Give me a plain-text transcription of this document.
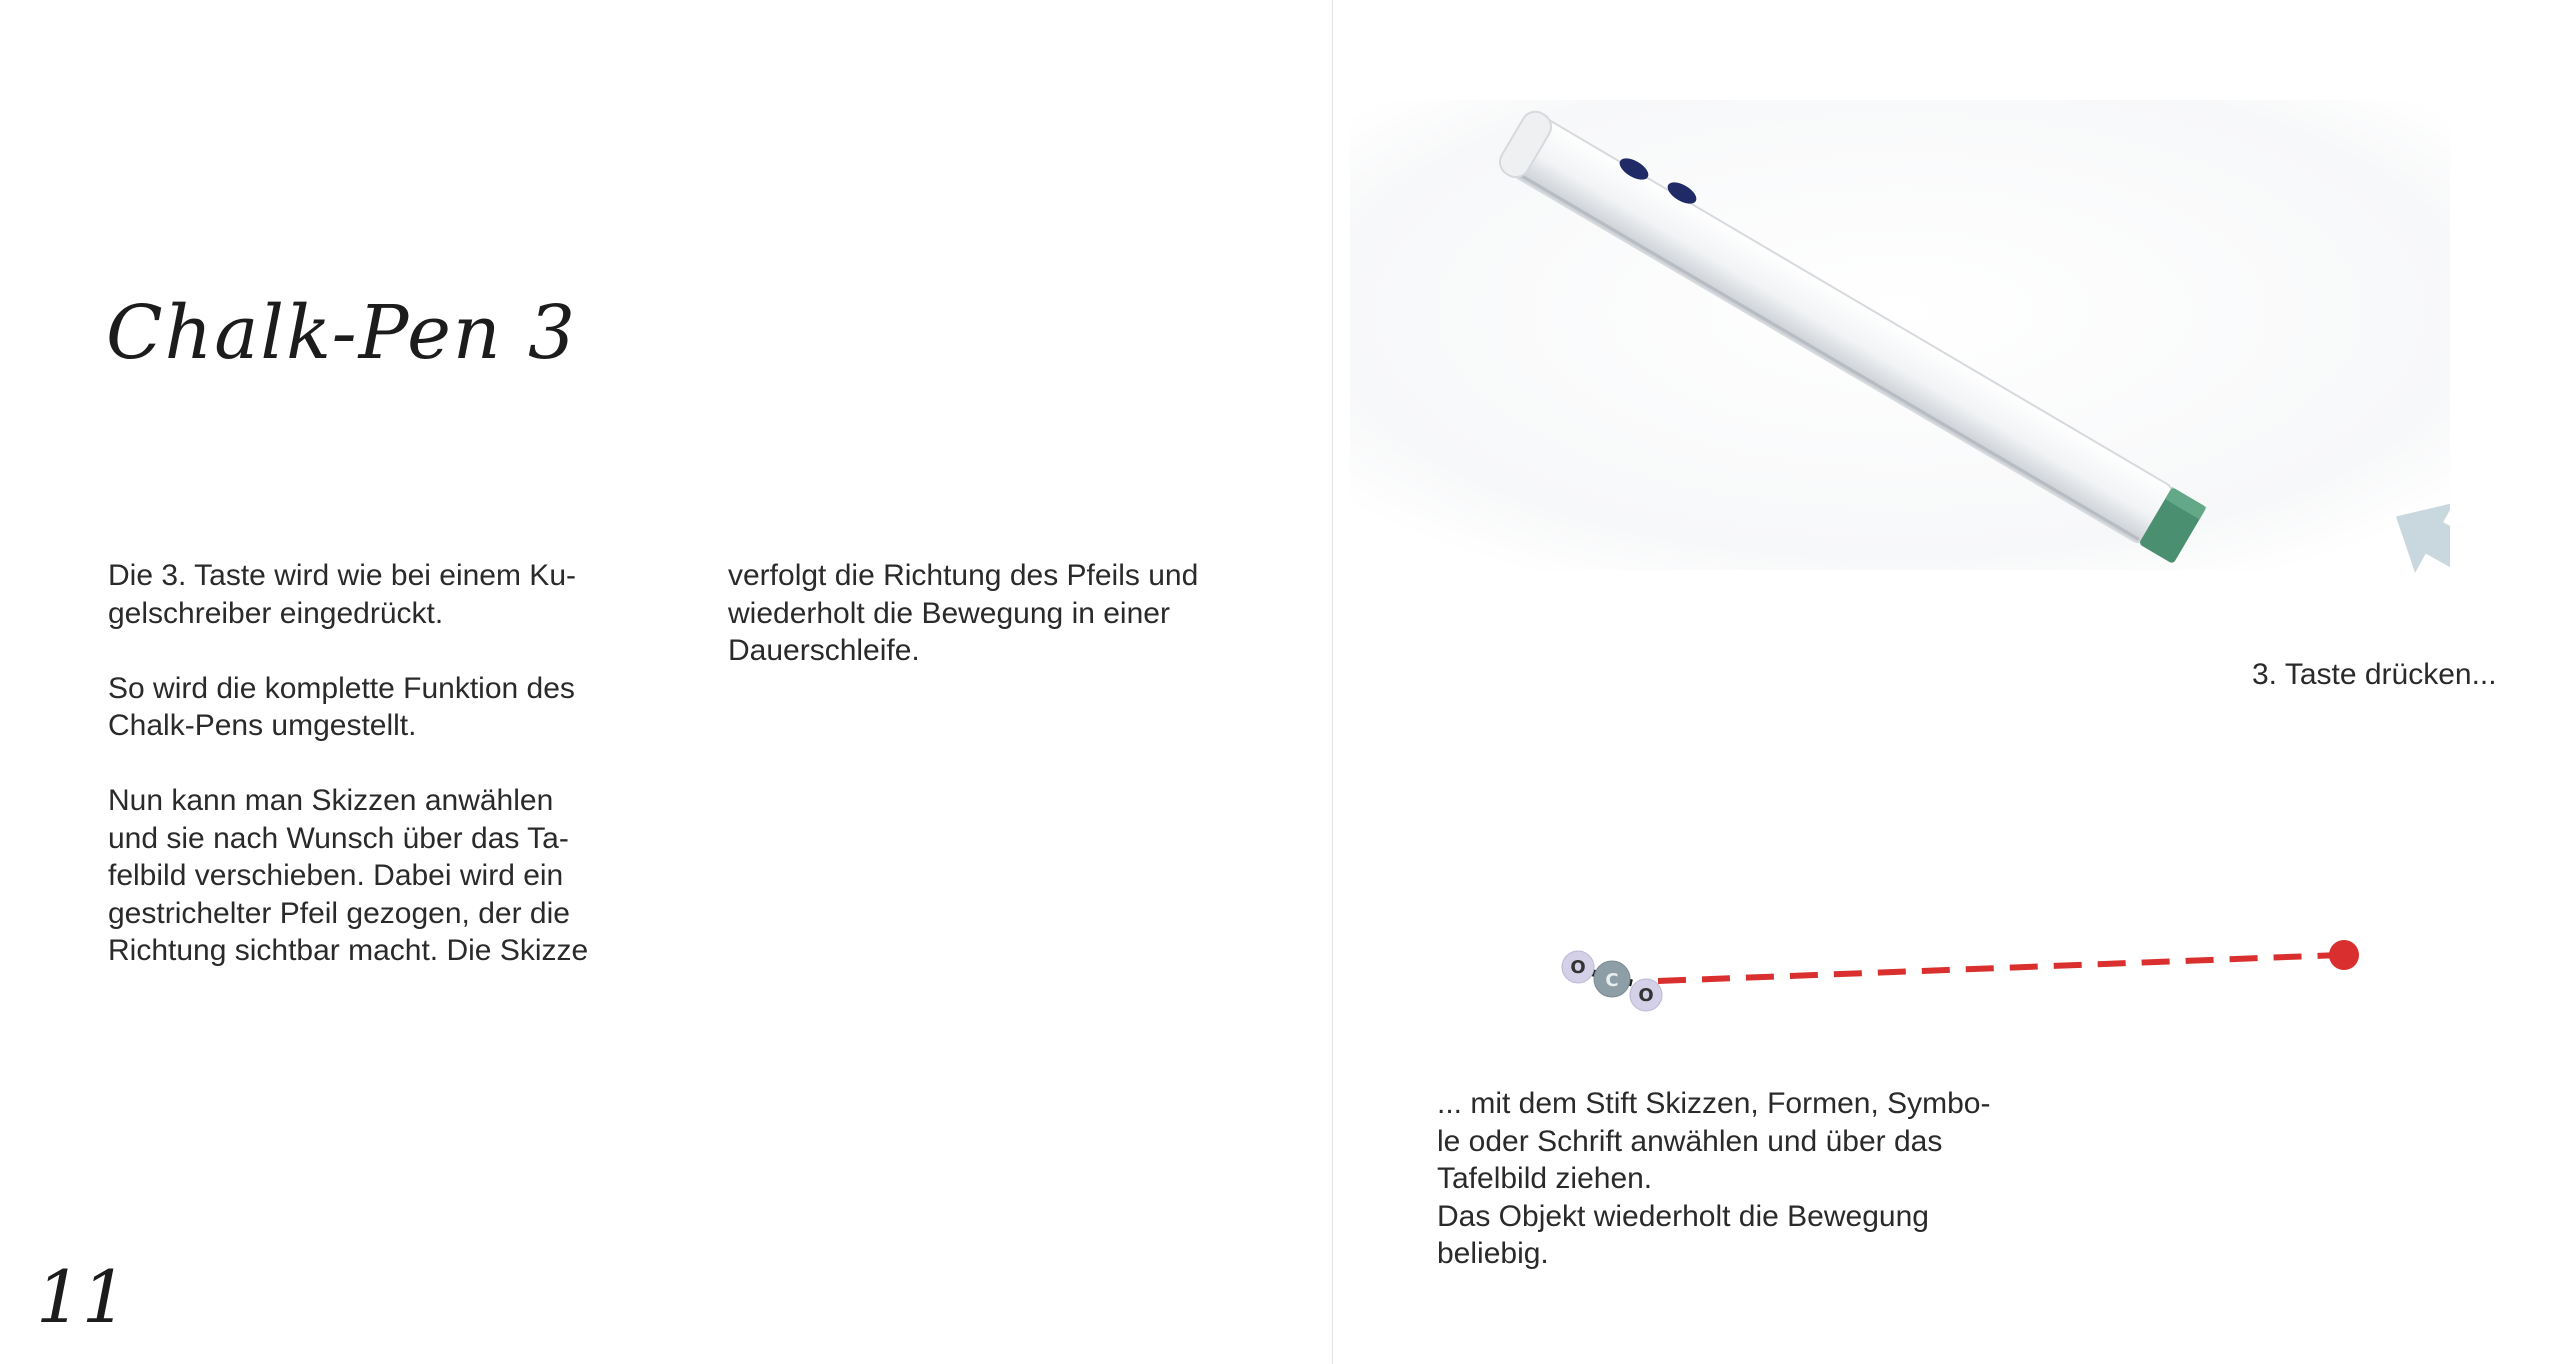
Chalk-Pen 3

Die 3. Taste wird wie bei einem Ku-
gelschreiber eingedrückt.

So wird die komplette Funktion des
Chalk-Pens umgestellt.

Nun kann man Skizzen anwählen
und sie nach Wunsch über das Ta-
felbild verschieben. Dabei wird ein
gestrichelter Pfeil gezogen, der die
Richtung sichtbar macht. Die Skizze

verfolgt die Richtung des Pfeils und
wiederholt die Bewegung in einer
Dauerschleife.

11
3. Taste drücken...
O
C
O

... mit dem Stift Skizzen, Formen, Symbo-
le oder Schrift anwählen und über das
Tafelbild ziehen.

Das Objekt wiederholt die Bewegung
beliebig.
